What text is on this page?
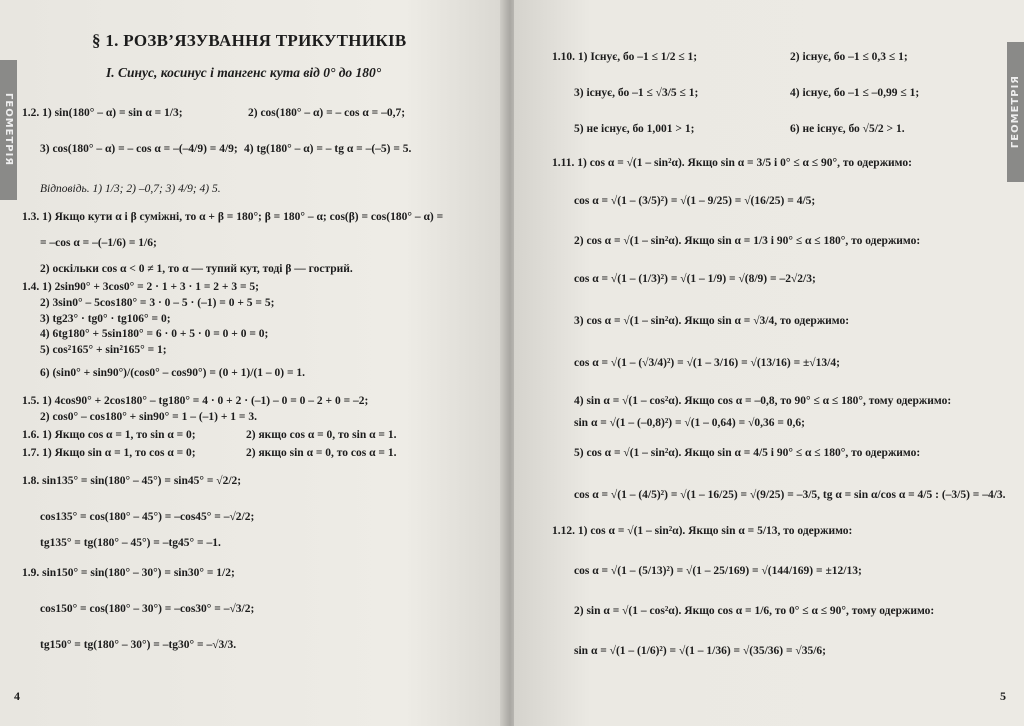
ГЕОМЕТРІЯ
§ 1. РОЗВ’ЯЗУВАННЯ ТРИКУТНИКІВ
I. Синус, косинус і тангенс кута від 0° до 180°
1.2. 1) sin(180° – α) = sin α = 1/3;	2) cos(180° – α) = – cos α = –0,7;
3) cos(180° – α) = – cos α = –(–4/9) = 4/9; 4) tg(180° – α) = – tg α = –(–5) = 5.
Відповідь. 1) 1/3; 2) –0,7; 3) 4/9; 4) 5.
1.3. 1) Якщо кути α і β суміжні, то α + β = 180°; β = 180° – α; cos(β) = cos(180° – α) =
= –cos α = –(–1/6) = 1/6;
2) оскільки cos α < 0 ≠ 1, то α — тупий кут, тоді β — гострий.
1.4. 1) 2sin90° + 3cos0° = 2 · 1 + 3 · 1 = 2 + 3 = 5;
2) 3sin0° – 5cos180° = 3 · 0 – 5 · (–1) = 0 + 5 = 5;
3) tg23° · tg0° · tg106° = 0;
4) 6tg180° + 5sin180° = 6 · 0 + 5 · 0 = 0 + 0 = 0;
5) cos²165° + sin²165° = 1;
6) (sin0° + sin90°)/(cos0° – cos90°) = (0 + 1)/(1 – 0) = 1.
1.5. 1) 4cos90° + 2cos180° – tg180° = 4 · 0 + 2 · (–1) – 0 = 0 – 2 + 0 = –2;
2) cos0° – cos180° + sin90° = 1 – (–1) + 1 = 3.
1.6. 1) Якщо cos α = 1, то sin α = 0;	2) якщо cos α = 0, то sin α = 1.
1.7. 1) Якщо sin α = 1, то cos α = 0;	2) якщо sin α = 0, то cos α = 1.
1.8. sin135° = sin(180° – 45°) = sin45° = √2/2;
cos135° = cos(180° – 45°) = –cos45° = –√2/2;
tg135° = tg(180° – 45°) = –tg45° = –1.
1.9. sin150° = sin(180° – 30°) = sin30° = 1/2;
cos150° = cos(180° – 30°) = –cos30° = –√3/2;
tg150° = tg(180° – 30°) = –tg30° = –√3/3.
4
ГЕОМЕТРІЯ
1.10. 1) Існує, бо –1 ≤ 1/2 ≤ 1;	2) існує, бо –1 ≤ 0,3 ≤ 1;
3) існує, бо –1 ≤ √3/5 ≤ 1;	4) існує, бо –1 ≤ –0,99 ≤ 1;
5) не існує, бо 1,001 > 1;	6) не існує, бо √5/2 > 1.
1.11. 1) cos α = √(1 – sin²α). Якщо sin α = 3/5 і 0° ≤ α ≤ 90°, то одержимо:
cos α = √(1 – (3/5)²) = √(1 – 9/25) = √(16/25) = 4/5;
2) cos α = √(1 – sin²α). Якщо sin α = 1/3 і 90° ≤ α ≤ 180°, то одержимо:
cos α = √(1 – (1/3)²) = √(1 – 1/9) = √(8/9) = –2√2/3;
3) cos α = √(1 – sin²α). Якщо sin α = √3/4, то одержимо:
cos α = √(1 – (√3/4)²) = √(1 – 3/16) = √(13/16) = ±√13/4;
4) sin α = √(1 – cos²α). Якщо cos α = –0,8, то 90° ≤ α ≤ 180°, тому одержимо:
sin α = √(1 – (–0,8)²) = √(1 – 0,64) = √0,36 = 0,6;
5) cos α = √(1 – sin²α). Якщо sin α = 4/5 і 90° ≤ α ≤ 180°, то одержимо:
cos α = √(1 – (4/5)²) = √(1 – 16/25) = √(9/25) = –3/5, tg α = sin α/cos α = 4/5 : (–3/5) = –4/3.
1.12. 1) cos α = √(1 – sin²α). Якщо sin α = 5/13, то одержимо:
cos α = √(1 – (5/13)²) = √(1 – 25/169) = √(144/169) = ±12/13;
2) sin α = √(1 – cos²α). Якщо cos α = 1/6, то 0° ≤ α ≤ 90°, тому одержимо:
sin α = √(1 – (1/6)²) = √(1 – 1/36) = √(35/36) = √35/6;
5
